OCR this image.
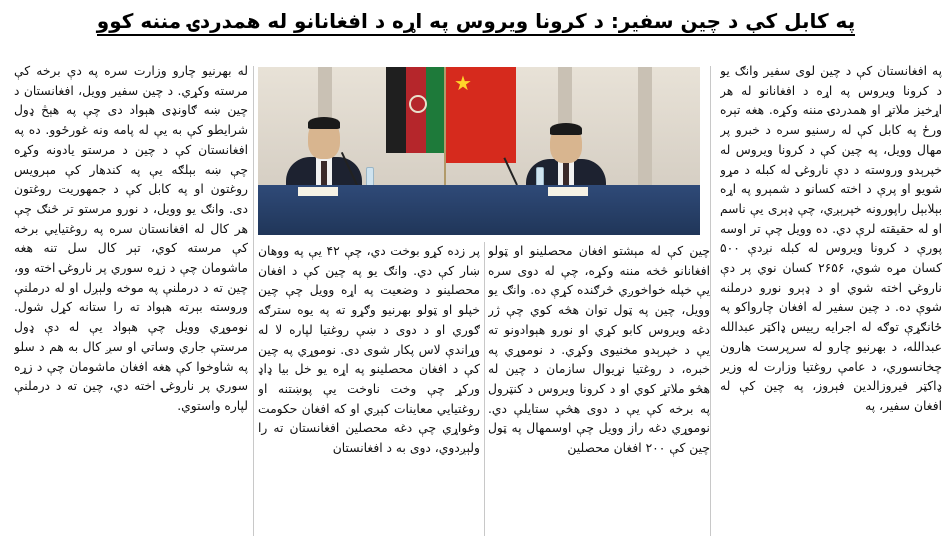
په کابل کې د چين سفير: د کرونا ويروس په اړه د افغانانو له همدردۍ مننه کوو

په افغانستان کې د چين لوی سفير وانګ يو د کرونا ويروس په اړه د افغانانو له هر اړخيز ملاتړ او همدردۍ مننه وکړه. هغه تېره ورځ په کابل کې له رسنيو سره د خبرو پر مهال وويل، په چين کې د کرونا ويروس له خپرېدو وروسته د دې ناروغۍ له کبله د مړو شويو او پرې د اخته کسانو د شمېرو په اړه بېلابېل راپورونه خپرېږي، چې ډېری يې ناسم او له حقيقته لرې دي. ده وويل چې تر اوسه پورې د کرونا ويروس له کبله نږدې ۵۰۰ کسان مړه شوي، ۲۶۵۶ کسان نوي پر دې ناروغۍ اخته شوي او د ډېرو نورو درملنه شوې ده. د چين سفير له افغان چارواکو په ځانګړې توګه له اجرايه رييس ډاکټر عبدالله عبدالله، د بهرنيو چارو له سرپرست هارون چخانسوري، د عامې روغتيا وزارت له وزير ډاکټر فيروزالدين فېروز، په چين کې له افغان سفير، په

چين کې له مېشتو افغان محصلينو او ټولو افغانانو څخه مننه وکړه، چې له دوی سره يې خپله خواخوږي څرګنده کړې ده. وانګ يو وويل، چين په ټول توان هڅه کوي چې ژر دغه ويروس کابو کړي او نورو هېوادونو ته يې د خپرېدو مخنيوی وکړي. د نوموړي په خبره، د روغتيا نړيوال سازمان د چين له هڅو ملاتړ کوي او د کرونا ويروس د کنټرول په برخه کې يې د دوی هڅې ستايلې دي. نوموړي دغه راز وويل چې اوسمهال په ټول چين کې ۲۰۰ افغان محصلين

پر زده کړو بوخت دي، چې ۴۲ يې په ووهان ښار کې دي. وانګ يو په چين کې د افغان محصلينو د وضعيت په اړه وويل چې چين خپلو او ټولو بهرنيو وګړو ته په يوه سترګه ګوري او د دوی د ښې روغتيا لپاره لا له وړاندې لاس پکار شوی دی. نوموړي په چين کې د افغان محصلينو په اړه يو خل بيا ډاډ ورکړ چې وخت ناوخت يې پوښتنه او روغتيايي معاينات کېږي او که افغان حکومت وغواړي چې دغه محصلين افغانستان ته را ولېږدوي، دوی به د افغانستان

له بهرنيو چارو وزارت سره په دې برخه کې مرسته وکړي. د چين سفير وويل، افغانستان د چين ښه ګاونډی هېواد دی چې په هېڅ ډول شرايطو کې به يې له پامه ونه غورځوو. ده په افغانستان کې د چين د مرستو يادونه وکړه چې ښه بېلګه يې په کندهار کې مېرويس روغتون او په کابل کې د جمهوريت روغتون دی. وانګ يو وويل، د نورو مرستو تر څنګ چې هر کال له افغانستان سره په روغتيايي برخه کې مرسته کوي، تېر کال سل تنه هغه ماشومان چې د زړه سوري پر ناروغۍ اخته وو، چين ته د درملنې په موخه ولېږل او له درملنې وروسته بېرته هېواد ته را ستانه کړل شول. نوموړي وويل چې هېواد يې له دې ډول مرستې جاري وساتي او سږ کال به هم د سلو په شاوخوا کې هغه افغان ماشومان چې د زړه سوري پر ناروغۍ اخته دي، چين ته د درملنې لپاره واستوي.

★
